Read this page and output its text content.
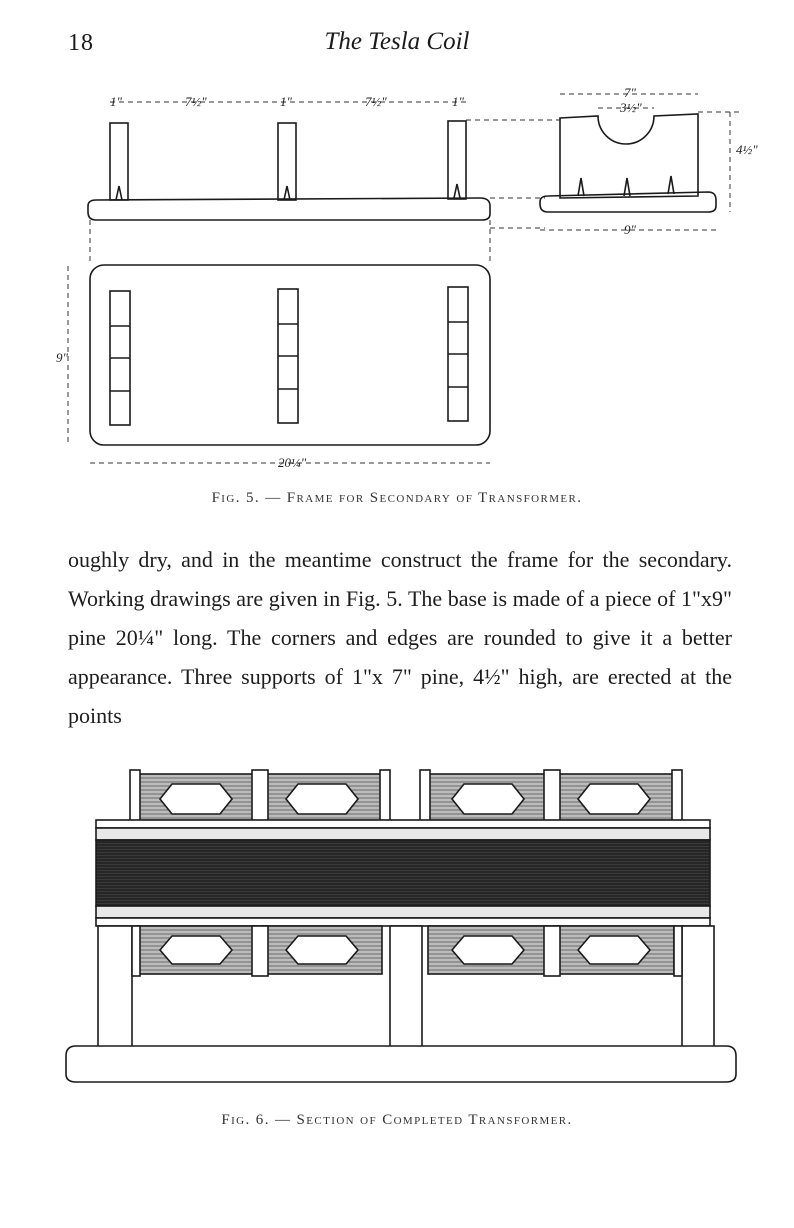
18	The Tesla Coil
1"	7½"	1"	7½"	1"
7"
3½"
4½"
9"
9"
20¼"
Fig. 5. — Frame for Secondary of Transformer.

oughly dry, and in the meantime construct the frame for the secondary. Working drawings are given in Fig. 5. The base is made of a piece of 1"x9" pine 20¼" long. The corners and edges are rounded to give it a better appearance. Three supports of 1"x 7" pine, 4½" high, are erected at the points

Fig. 6. — Section of Completed Transformer.
